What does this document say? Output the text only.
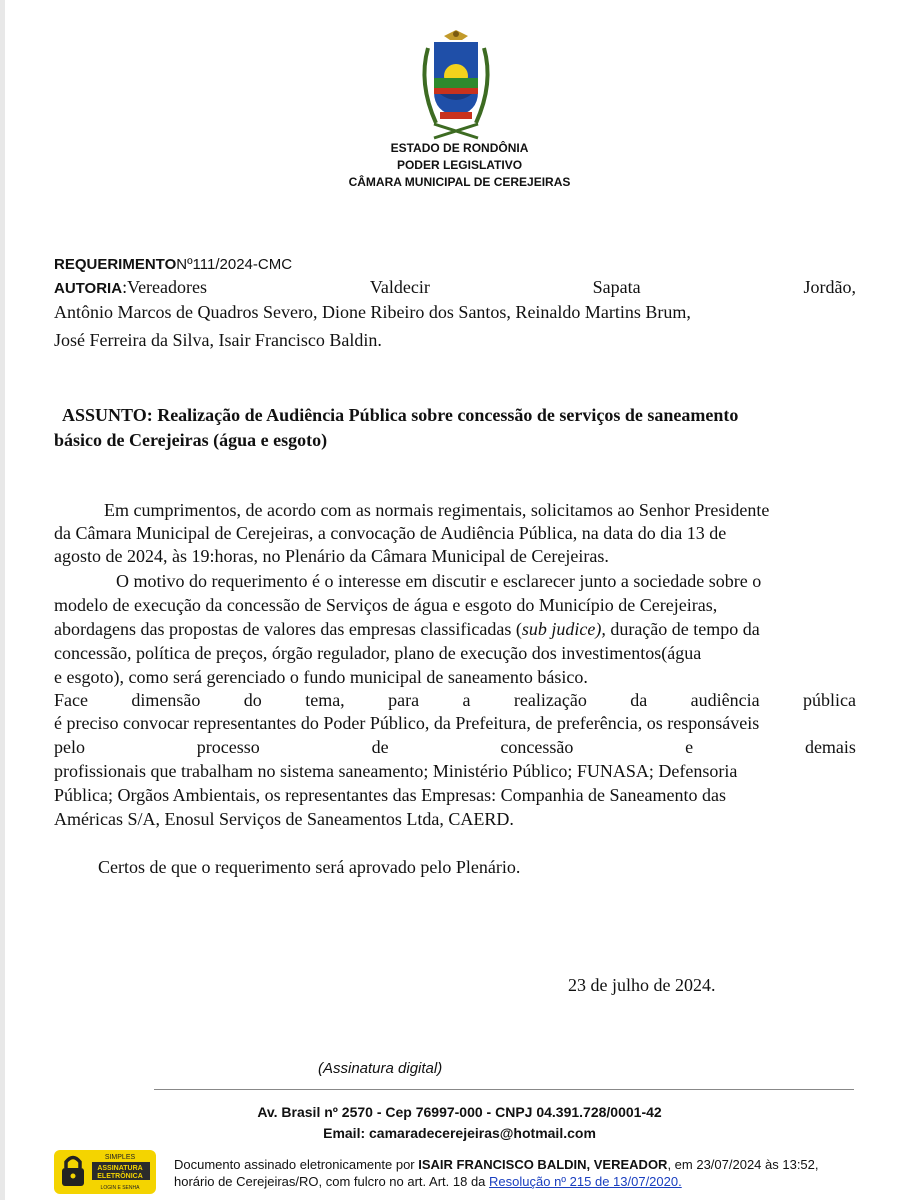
ESTADO DE RONDÔNIA
PODER LEGISLATIVO
CÂMARA MUNICIPAL DE CEREJEIRAS
REQUERIMENTONº111/2024-CMC
AUTORIA:Vereadores	Valdecir	Sapata	Jordão,
Antônio Marcos de Quadros Severo, Dione Ribeiro dos Santos, Reinaldo Martins Brum,
José Ferreira da Silva, Isair Francisco Baldin.
ASSUNTO: Realização de Audiência Pública sobre concessão de serviços de saneamento
básico de Cerejeiras (água e esgoto)
Em cumprimentos, de acordo com as normais regimentais, solicitamos ao Senhor Presidente
da Câmara Municipal de Cerejeiras, a convocação de Audiência Pública, na data do dia 13 de
agosto de 2024, às 19:horas, no Plenário da Câmara Municipal de Cerejeiras.
O motivo do requerimento é o interesse em discutir e esclarecer junto a sociedade sobre o
modelo de execução da concessão de Serviços de água e esgoto do Município de Cerejeiras,
abordagens das propostas de valores das empresas classificadas (sub judice), duração de tempo da
concessão, política de preços, órgão regulador, plano de execução dos investimentos(água
e esgoto), como será gerenciado o fundo municipal de saneamento básico.
Face dimensão do tema, para a realização da audiência pública
é preciso convocar representantes do Poder Público, da Prefeitura, de preferência, os responsáveis
pelo	processo	de	concessão	e	demais
profissionais que trabalham no sistema saneamento; Ministério Público; FUNASA; Defensoria
Pública; Orgãos Ambientais, os representantes das Empresas: Companhia de Saneamento das
Américas S/A, Enosul Serviços de Saneamentos Ltda, CAERD.
Certos de que o requerimento será aprovado pelo Plenário.
23 de julho de 2024.
(Assinatura digital)
Av. Brasil nº 2570 - Cep 76997-000 - CNPJ 04.391.728/0001-42
Email: camaradecerejeiras@hotmail.com
SIMPLES
ASSINATURA
ELETRÔNICA
LOGIN E SENHA
Documento assinado eletronicamente por ISAIR FRANCISCO BALDIN, VEREADOR, em 23/07/2024 às 13:52, horário de Cerejeiras/RO, com fulcro no art. Art. 18 da Resolução nº 215 de 13/07/2020.
